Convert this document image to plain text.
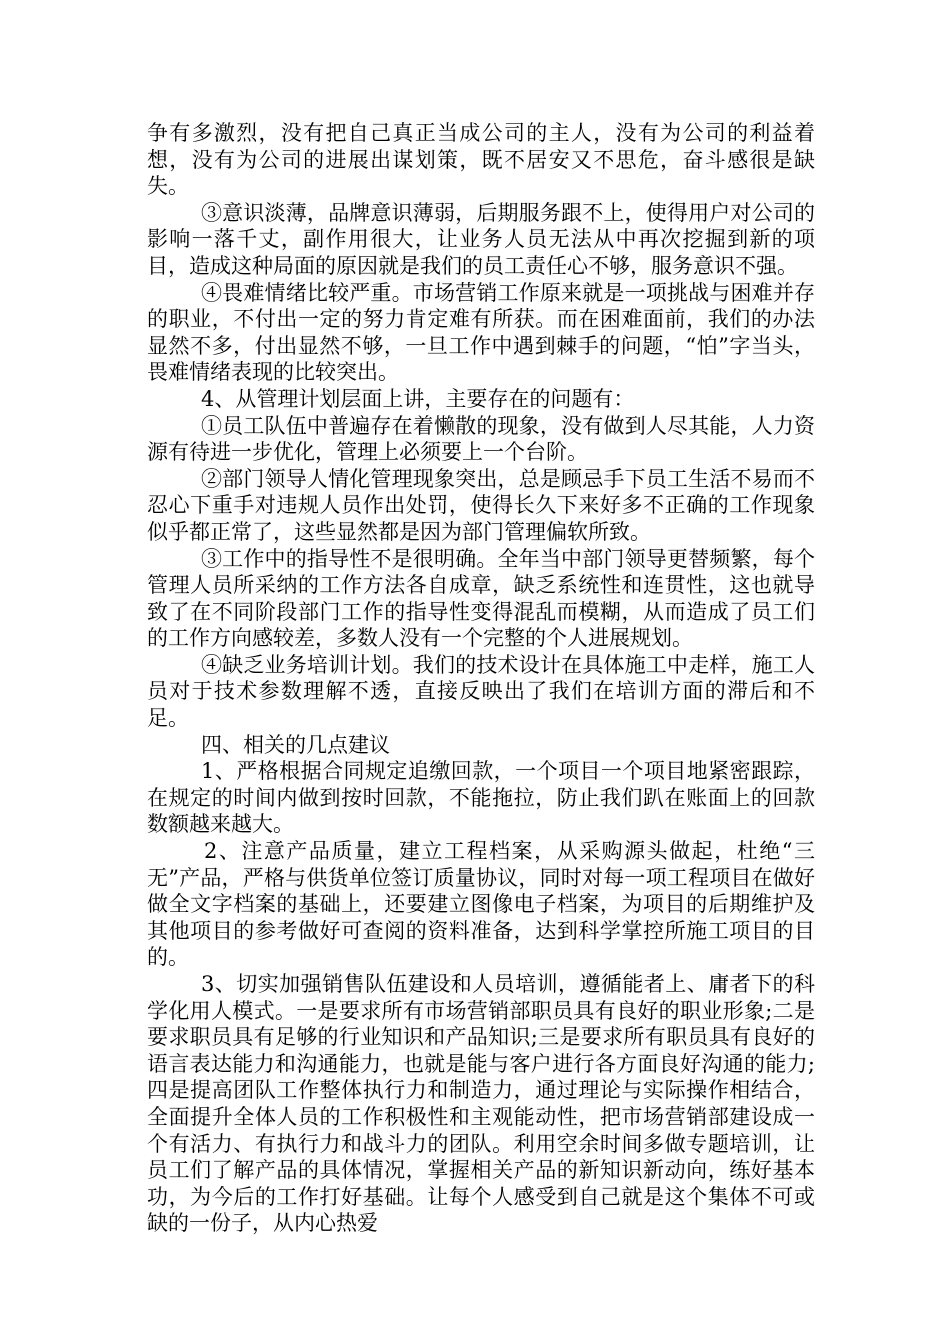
争有多激烈，没有把自己真正当成公司的主人，没有为公司的利益着想，没有为公司的进展出谋划策，既不居安又不思危，奋斗感很是缺失。

③意识淡薄，品牌意识薄弱，后期服务跟不上，使得用户对公司的影响一落千丈，副作用很大，让业务人员无法从中再次挖掘到新的项目，造成这种局面的原因就是我们的员工责任心不够，服务意识不强。

④畏难情绪比较严重。市场营销工作原来就是一项挑战与困难并存的职业，不付出一定的努力肯定难有所获。而在困难面前，我们的办法显然不多，付出显然不够，一旦工作中遇到棘手的问题，“怕”字当头，畏难情绪表现的比较突出。

4、从管理计划层面上讲，主要存在的问题有：

①员工队伍中普遍存在着懒散的现象，没有做到人尽其能，人力资源有待进一步优化，管理上必须要上一个台阶。

②部门领导人情化管理现象突出，总是顾忌手下员工生活不易而不忍心下重手对违规人员作出处罚，使得长久下来好多不正确的工作现象似乎都正常了，这些显然都是因为部门管理偏软所致。

③工作中的指导性不是很明确。全年当中部门领导更替频繁，每个管理人员所采纳的工作方法各自成章，缺乏系统性和连贯性，这也就导致了在不同阶段部门工作的指导性变得混乱而模糊，从而造成了员工们的工作方向感较差，多数人没有一个完整的个人进展规划。

④缺乏业务培训计划。我们的技术设计在具体施工中走样，施工人员对于技术参数理解不透，直接反映出了我们在培训方面的滞后和不足。

四、相关的几点建议

1、严格根据合同规定追缴回款，一个项目一个项目地紧密跟踪，在规定的时间内做到按时回款，不能拖拉，防止我们趴在账面上的回款数额越来越大。

2、注意产品质量，建立工程档案，从采购源头做起，杜绝“三无”产品，严格与供货单位签订质量协议，同时对每一项工程项目在做好做全文字档案的基础上，还要建立图像电子档案，为项目的后期维护及其他项目的参考做好可查阅的资料准备，达到科学掌控所施工项目的目的。

3、切实加强销售队伍建设和人员培训，遵循能者上、庸者下的科学化用人模式。一是要求所有市场营销部职员具有良好的职业形象;二是要求职员具有足够的行业知识和产品知识;三是要求所有职员具有良好的语言表达能力和沟通能力，也就是能与客户进行各方面良好沟通的能力;四是提高团队工作整体执行力和制造力，通过理论与实际操作相结合，全面提升全体人员的工作积极性和主观能动性，把市场营销部建设成一个有活力、有执行力和战斗力的团队。利用空余时间多做专题培训，让员工们了解产品的具体情况，掌握相关产品的新知识新动向，练好基本功，为今后的工作打好基础。让每个人感受到自己就是这个集体不可或缺的一份子，从内心热爱
